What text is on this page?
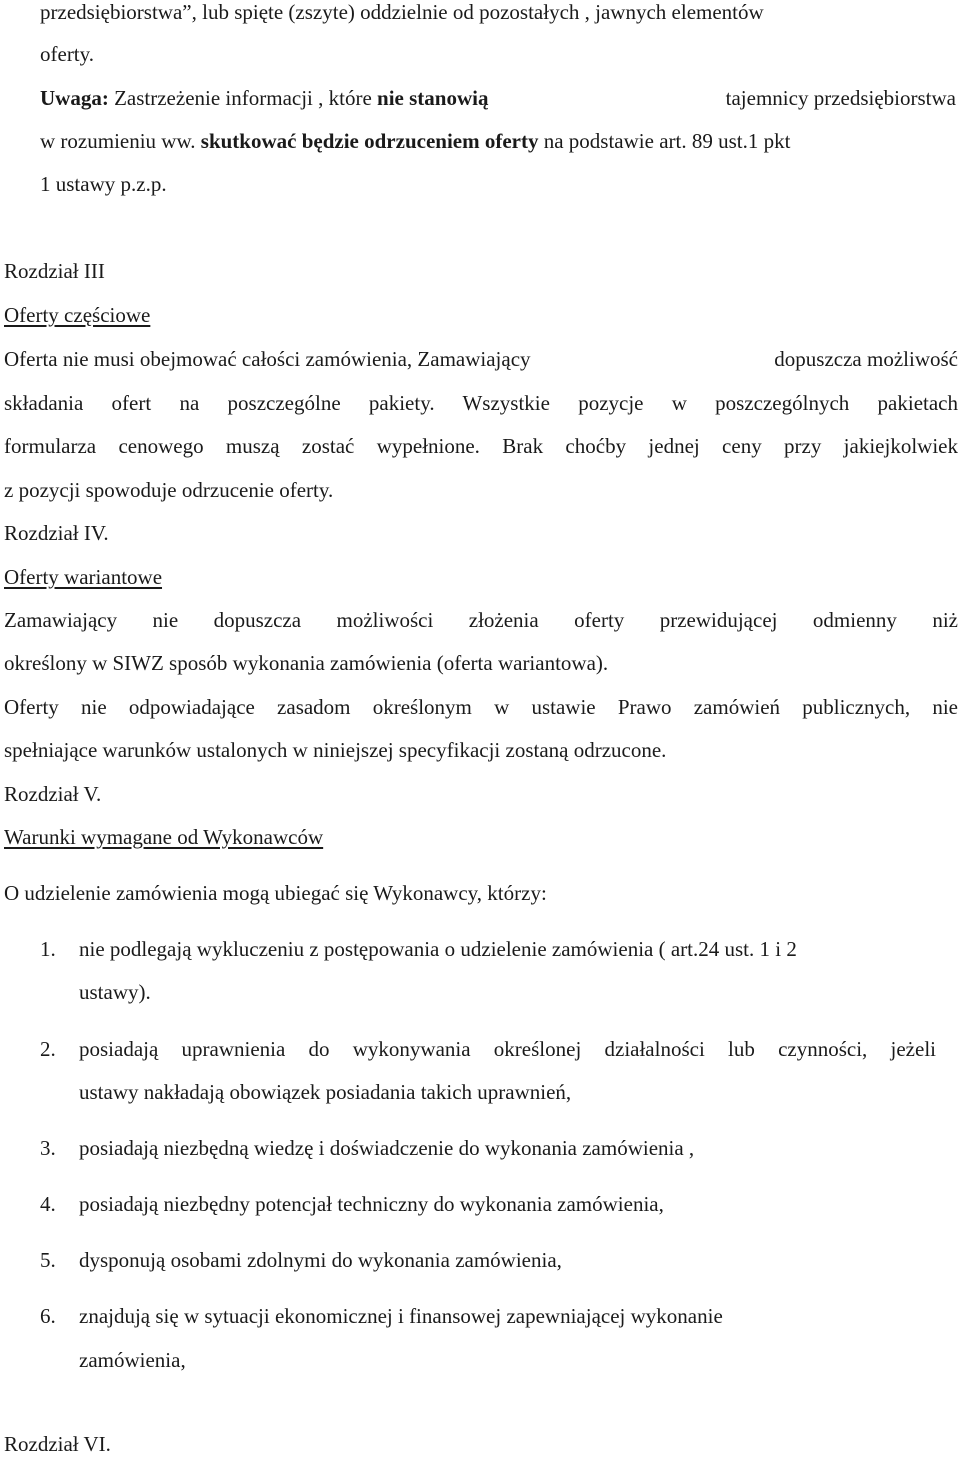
przedsiębiorstwa”, lub spięte (zszyte) oddzielnie od pozostałych , jawnych elementów
oferty.
Uwaga: Zastrzeżenie informacji , które nie stanowią	tajemnicy przedsiębiorstwa
w rozumieniu ww. skutkować będzie odrzuceniem oferty na podstawie art. 89 ust.1 pkt
1 ustawy p.z.p.
Rozdział III
Oferty częściowe
Oferta nie musi obejmować całości zamówienia, Zamawiający	dopuszcza możliwość
składania ofert na poszczególne pakiety. Wszystkie pozycje w poszczególnych pakietach
formularza cenowego muszą zostać wypełnione. Brak choćby jednej ceny przy jakiejkolwiek
z pozycji spowoduje odrzucenie oferty.
Rozdział IV.
Oferty wariantowe
Zamawiający nie dopuszcza możliwości złożenia oferty przewidującej odmienny niż
określony w SIWZ sposób wykonania zamówienia (oferta wariantowa).
Oferty nie odpowiadające zasadom określonym w ustawie Prawo zamówień publicznych, nie
spełniające warunków ustalonych w niniejszej specyfikacji zostaną odrzucone.
Rozdział V.
Warunki wymagane od Wykonawców
O udzielenie zamówienia mogą ubiegać się Wykonawcy, którzy:
1. nie podlegają wykluczeniu z postępowania o udzielenie zamówienia ( art.24 ust. 1 i 2
ustawy).
2. posiadają uprawnienia do wykonywania określonej działalności lub czynności, jeżeli
ustawy nakładają obowiązek posiadania takich uprawnień,
3. posiadają niezbędną wiedzę i doświadczenie do wykonania zamówienia ,
4. posiadają niezbędny potencjał techniczny do wykonania zamówienia,
5. dysponują osobami zdolnymi do wykonania zamówienia,
6. znajdują się w sytuacji ekonomicznej i finansowej zapewniającej wykonanie
zamówienia,
Rozdział VI.
